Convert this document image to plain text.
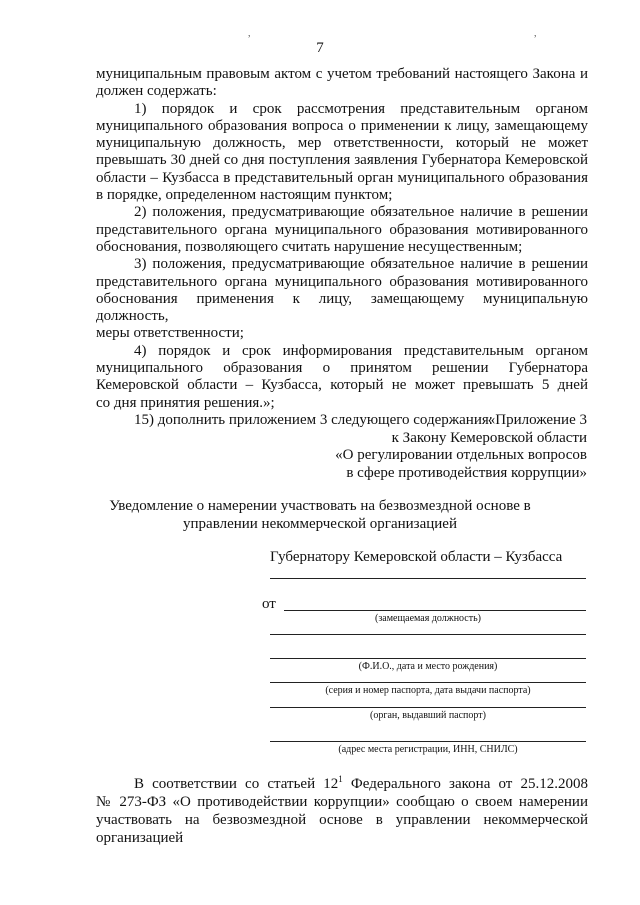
,	,
7

муниципальным правовым актом с учетом требований настоящего Закона и

должен содержать:

1) порядок и срок рассмотрения представительным органом

муниципального образования вопроса о применении к лицу, замещающему

муниципальную должность, мер ответственности, который не может

превышать 30 дней со дня поступления заявления Губернатора Кемеровской

области – Кузбасса в представительный орган муниципального образования

в порядке, определенном настоящим пунктом;

2) положения, предусматривающие обязательное наличие в решении

представительного органа муниципального образования мотивированного

обоснования, позволяющего считать нарушение несущественным;

3) положения, предусматривающие обязательное наличие в решении

представительного органа муниципального образования мотивированного

обоснования применения к лицу, замещающему муниципальную должность,

меры ответственности;

4) порядок и срок информирования представительным органом

муниципального образования о принятом решении Губернатора

Кемеровской области – Кузбасса, который не может превышать 5 дней

со дня принятия решения.»;

15) дополнить приложением 3 следующего содержания:

«Приложение 3
к Закону Кемеровской области
«О регулировании отдельных вопросов
в сфере противодействия коррупции»
Уведомление о намерении участвовать на безвозмездной основе в
управлении некоммерческой организацией
Губернатору Кемеровской области – Кузбасса
от
(замещаемая должность)
(Ф.И.О., дата и место рождения)
(серия и номер паспорта, дата выдачи паспорта)
(орган, выдавший паспорт)
(адрес места регистрации, ИНН, СНИЛС)

В соответствии со статьей $12^1$ Федерального закона от 25.12.2008

№ 273-ФЗ «О противодействии коррупции» сообщаю о своем намерении

участвовать на безвозмездной основе в управлении некоммерческой

организацией
